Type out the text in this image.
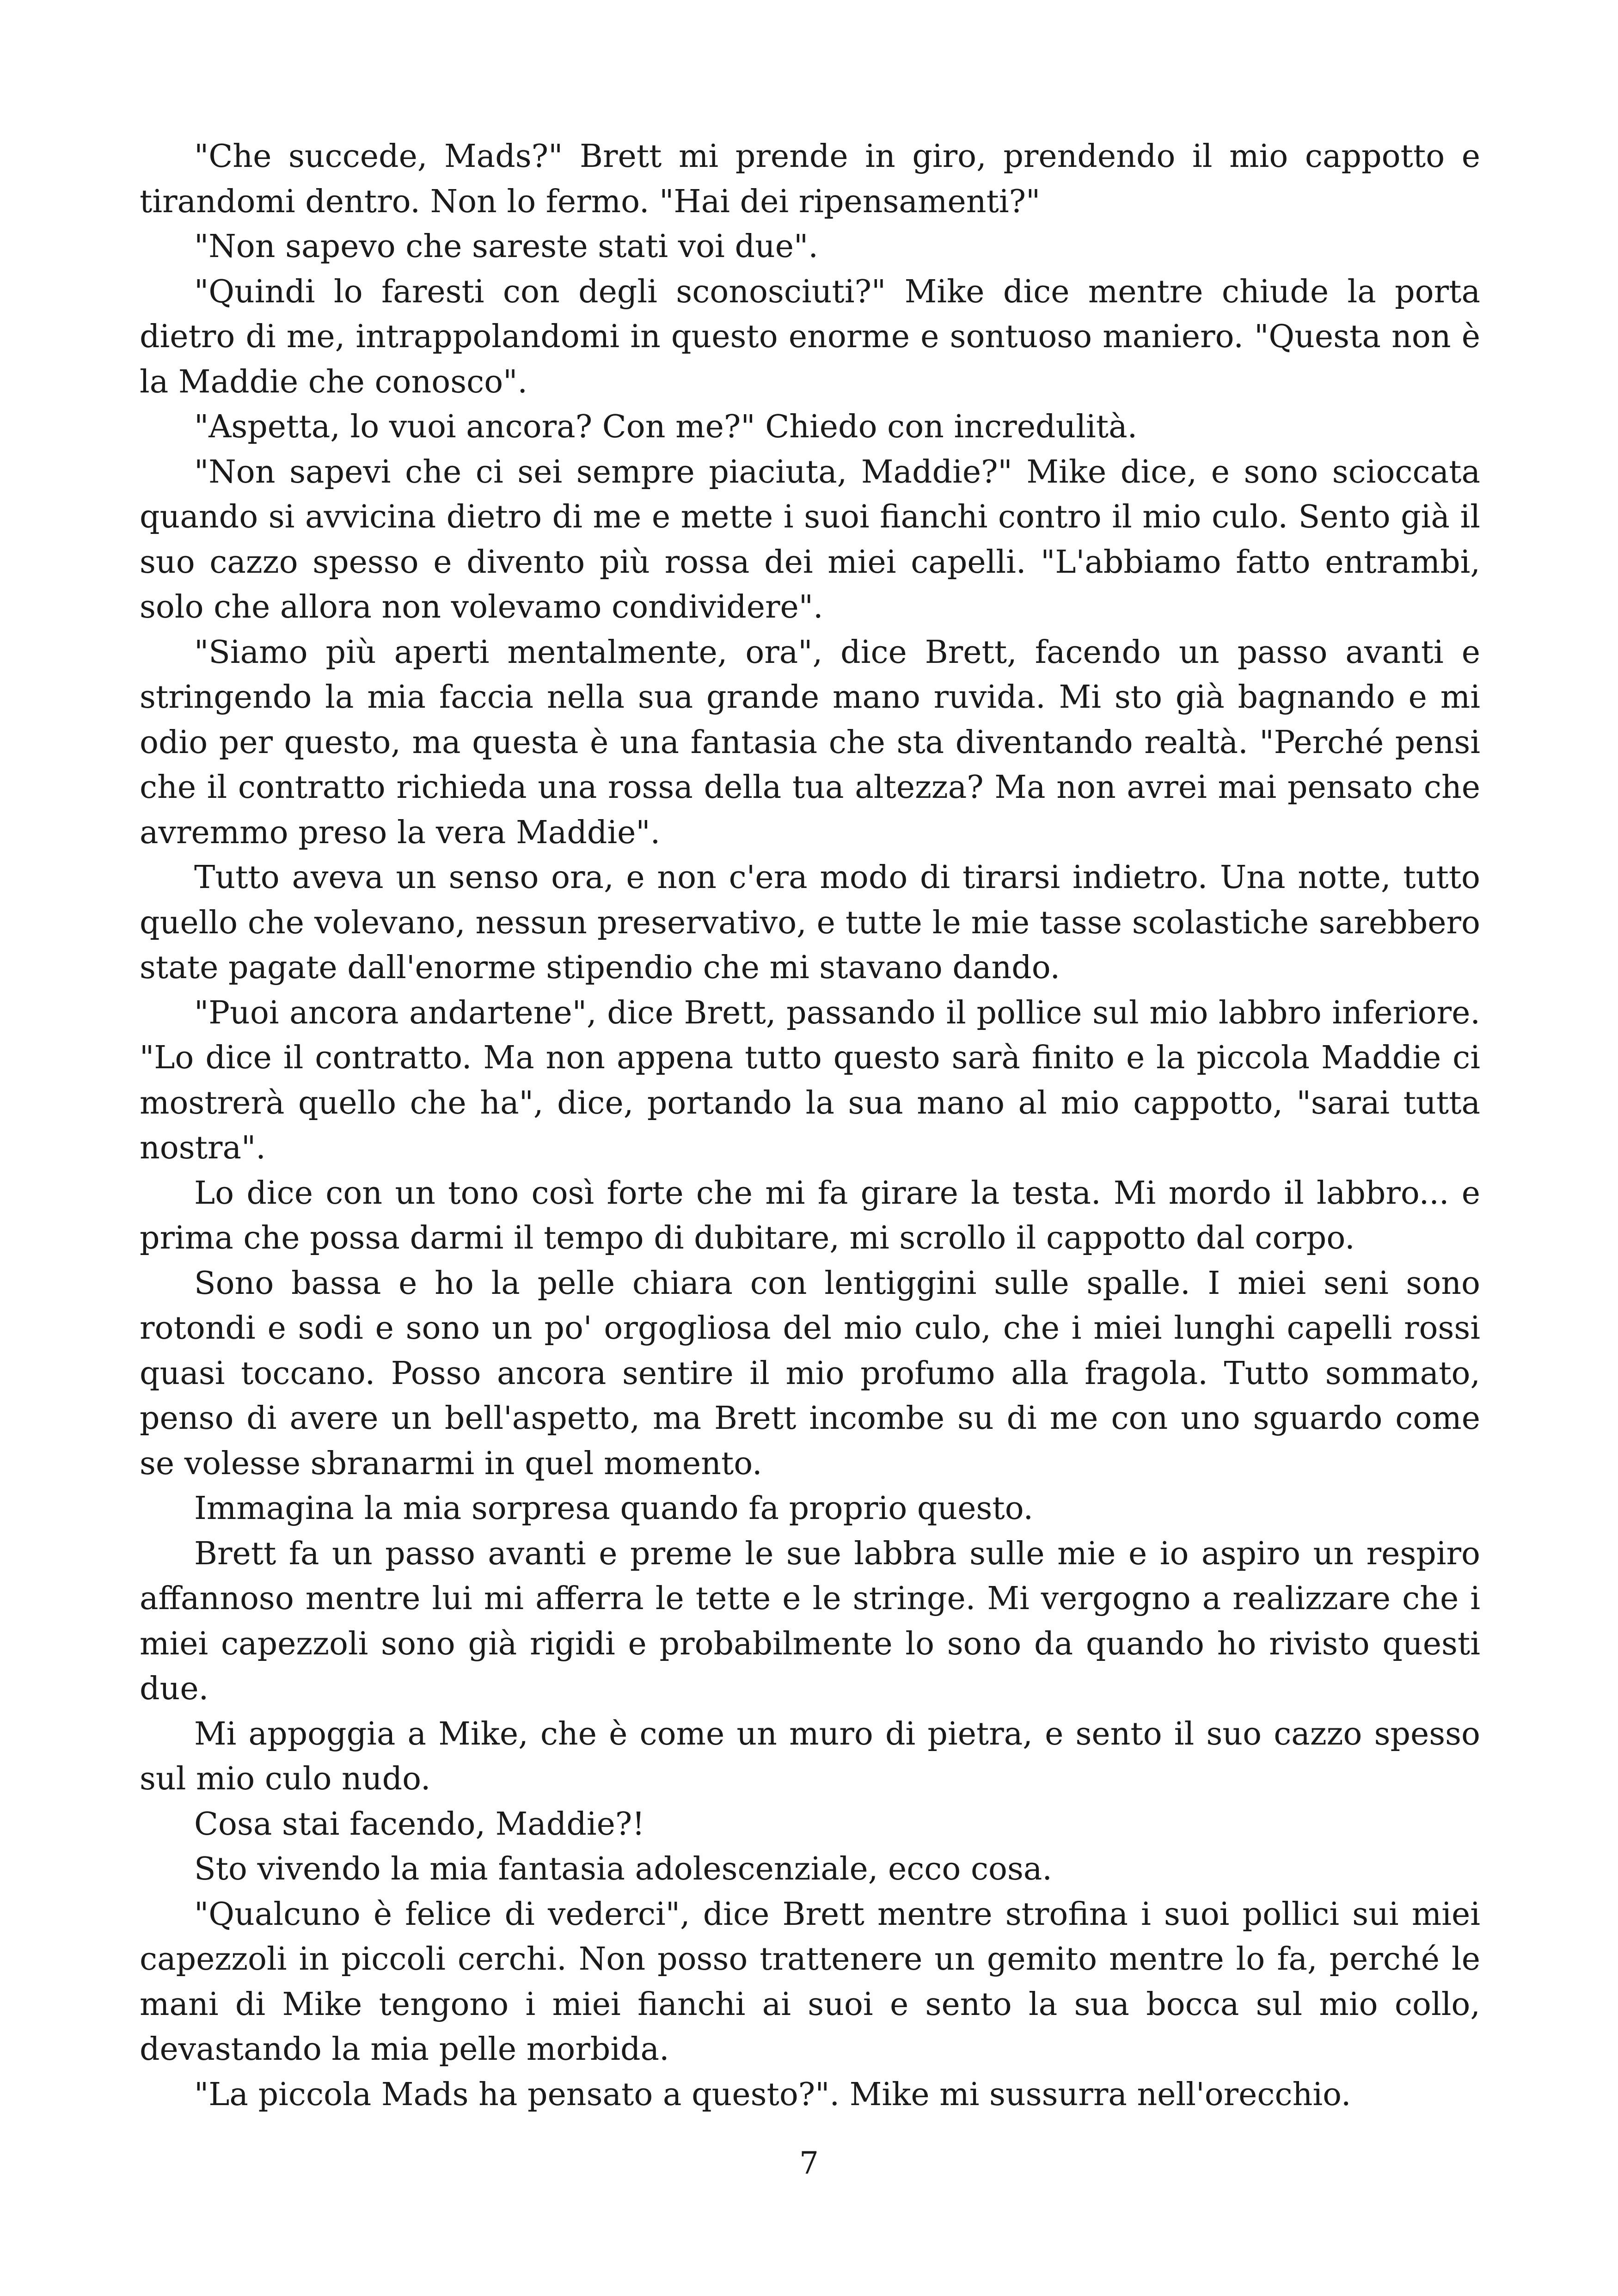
"Che succede, Mads?" Brett mi prende in giro, prendendo il mio cappotto e tirandomi dentro. Non lo fermo. "Hai dei ripensamenti?"

"Non sapevo che sareste stati voi due".

"Quindi lo faresti con degli sconosciuti?" Mike dice mentre chiude la porta dietro di me, intrappolandomi in questo enorme e sontuoso maniero. "Questa non è la Maddie che conosco".

"Aspetta, lo vuoi ancora? Con me?" Chiedo con incredulità.

"Non sapevi che ci sei sempre piaciuta, Maddie?" Mike dice, e sono scioccata quando si avvicina dietro di me e mette i suoi fianchi contro il mio culo. Sento già il suo cazzo spesso e divento più rossa dei miei capelli. "L'abbiamo fatto entrambi, solo che allora non volevamo condividere".

"Siamo più aperti mentalmente, ora", dice Brett, facendo un passo avanti e stringendo la mia faccia nella sua grande mano ruvida. Mi sto già bagnando e mi odio per questo, ma questa è una fantasia che sta diventando realtà. "Perché pensi che il contratto richieda una rossa della tua altezza? Ma non avrei mai pensato che avremmo preso la vera Maddie".

Tutto aveva un senso ora, e non c'era modo di tirarsi indietro. Una notte, tutto quello che volevano, nessun preservativo, e tutte le mie tasse scolastiche sarebbero state pagate dall'enorme stipendio che mi stavano dando.

"Puoi ancora andartene", dice Brett, passando il pollice sul mio labbro inferiore. "Lo dice il contratto. Ma non appena tutto questo sarà finito e la piccola Maddie ci mostrerà quello che ha", dice, portando la sua mano al mio cappotto, "sarai tutta nostra".

Lo dice con un tono così forte che mi fa girare la testa. Mi mordo il labbro... e prima che possa darmi il tempo di dubitare, mi scrollo il cappotto dal corpo.

Sono bassa e ho la pelle chiara con lentiggini sulle spalle. I miei seni sono rotondi e sodi e sono un po' orgogliosa del mio culo, che i miei lunghi capelli rossi quasi toccano. Posso ancora sentire il mio profumo alla fragola. Tutto sommato, penso di avere un bell'aspetto, ma Brett incombe su di me con uno sguardo come se volesse sbranarmi in quel momento.

Immagina la mia sorpresa quando fa proprio questo.

Brett fa un passo avanti e preme le sue labbra sulle mie e io aspiro un respiro affannoso mentre lui mi afferra le tette e le stringe. Mi vergogno a realizzare che i miei capezzoli sono già rigidi e probabilmente lo sono da quando ho rivisto questi due.

Mi appoggia a Mike, che è come un muro di pietra, e sento il suo cazzo spesso sul mio culo nudo.

Cosa stai facendo, Maddie?!

Sto vivendo la mia fantasia adolescenziale, ecco cosa.

"Qualcuno è felice di vederci", dice Brett mentre strofina i suoi pollici sui miei capezzoli in piccoli cerchi. Non posso trattenere un gemito mentre lo fa, perché le mani di Mike tengono i miei fianchi ai suoi e sento la sua bocca sul mio collo, devastando la mia pelle morbida.

"La piccola Mads ha pensato a questo?". Mike mi sussurra nell'orecchio.

7
